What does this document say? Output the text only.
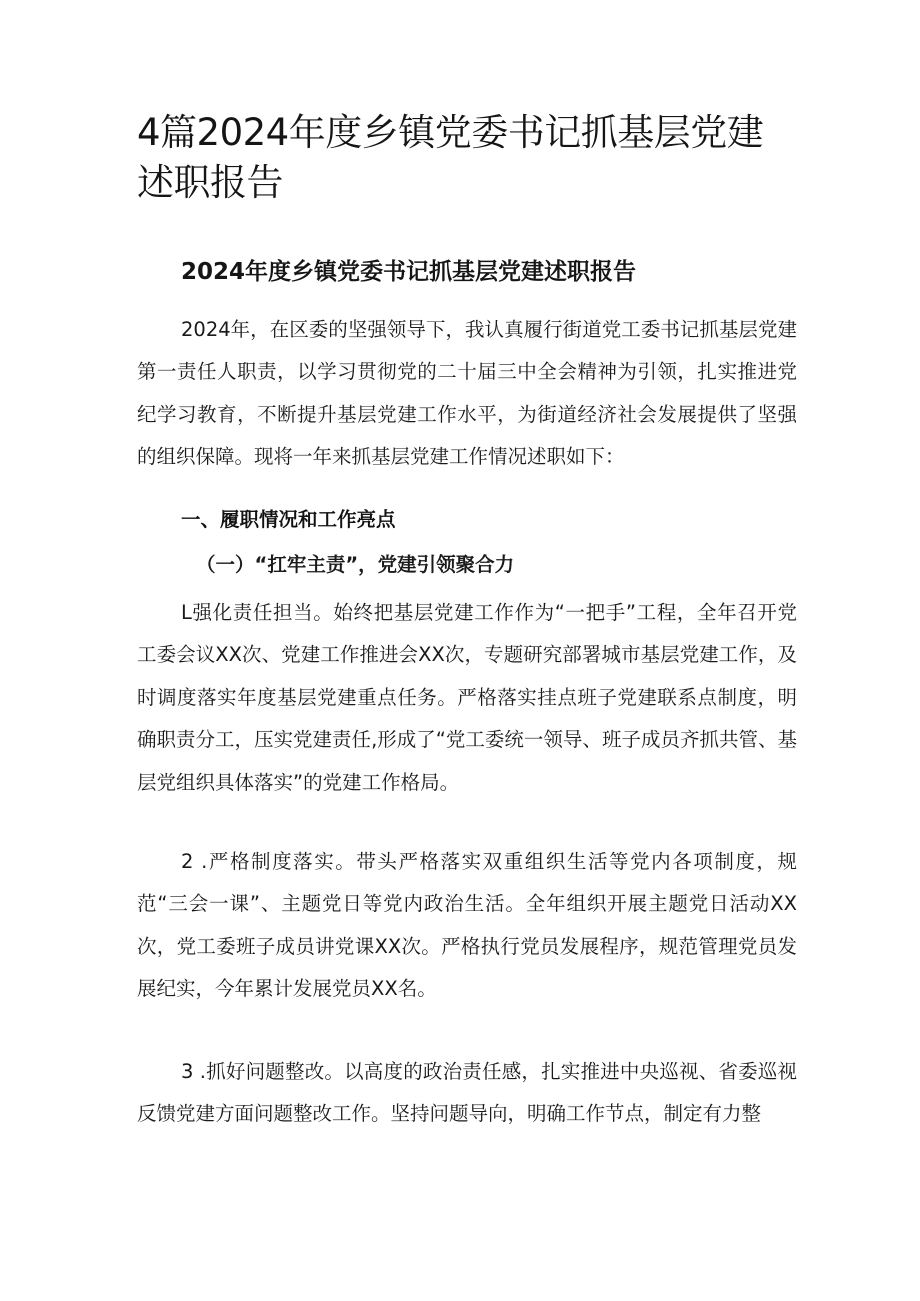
4篇2024年度乡镇党委书记抓基层党建述职报告
2024年度乡镇党委书记抓基层党建述职报告

2024年，在区委的坚强领导下，我认真履行街道党工委书记抓基层党建第一责任人职责，以学习贯彻党的二十届三中全会精神为引领，扎实推进党纪学习教育，不断提升基层党建工作水平，为街道经济社会发展提供了坚强的组织保障。现将一年来抓基层党建工作情况述职如下：

一、履职情况和工作亮点
（一）“扛牢主责”，党建引领聚合力

L强化责任担当。始终把基层党建工作作为“一把手”工程，全年召开党工委会议XX次、党建工作推进会XX次，专题研究部署城市基层党建工作，及时调度落实年度基层党建重点任务。严格落实挂点班子党建联系点制度，明确职责分工，压实党建责任,形成了“党工委统一领导、班子成员齐抓共管、基层党组织具体落实”的党建工作格局。

2 .严格制度落实。带头严格落实双重组织生活等党内各项制度，规范“三会一课”、主题党日等党内政治生活。全年组织开展主题党日活动XX次，党工委班子成员讲党课XX次。严格执行党员发展程序，规范管理党员发展纪实，今年累计发展党员XX名。

3 .抓好问题整改。以高度的政治责任感，扎实推进中央巡视、省委巡视反馈党建方面问题整改工作。坚持问题导向，明确工作节点，制定有力整
